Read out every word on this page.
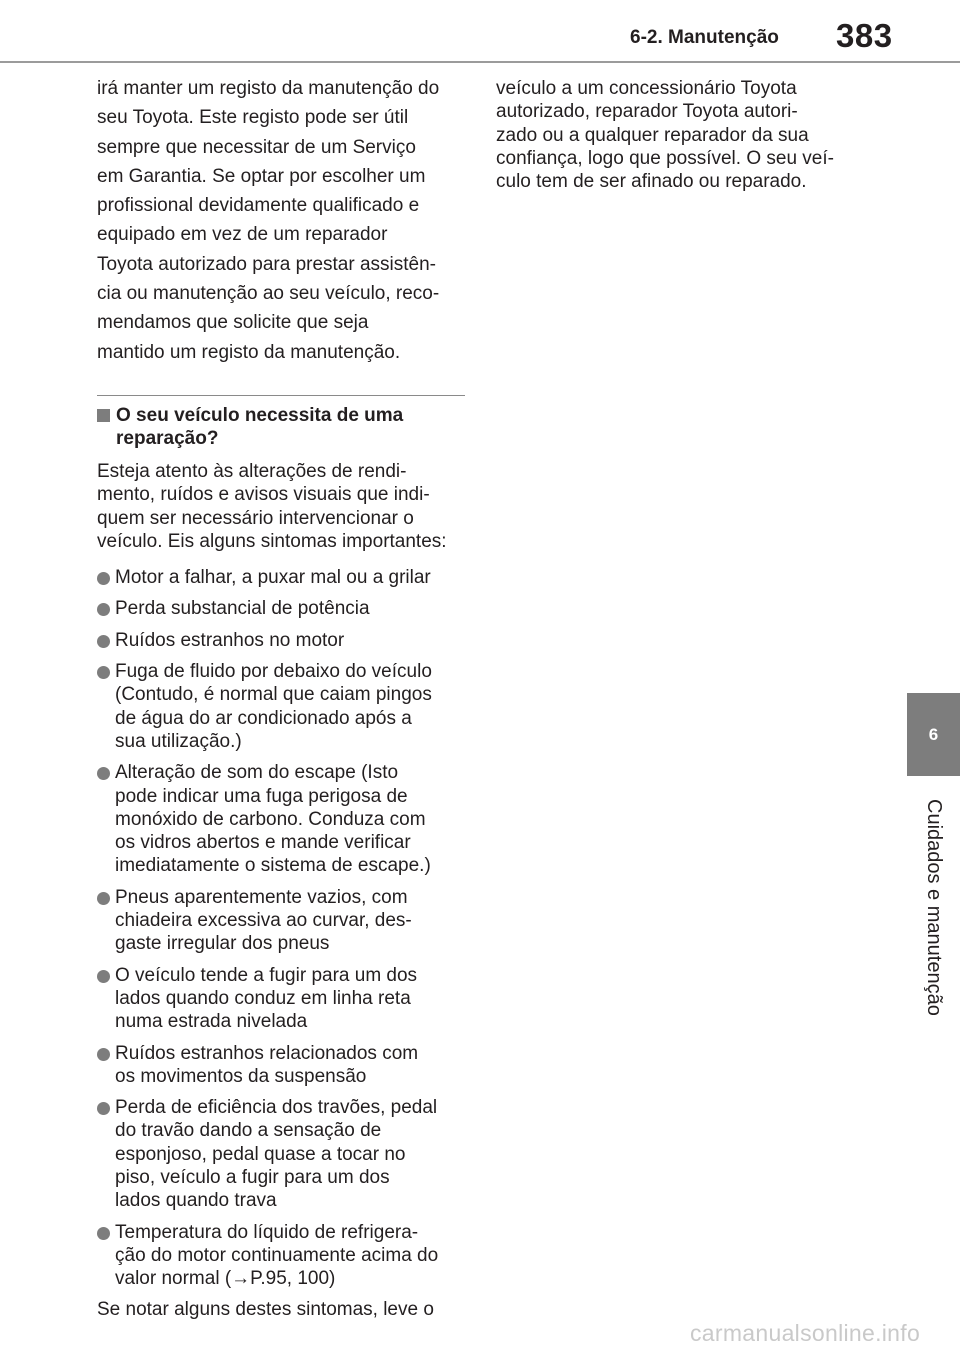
6-2. Manutenção 383
6
Cuidados e manutenção

irá manter um registo da manutenção do

seu Toyota. Este registo pode ser útil

sempre que necessitar de um Serviço

em Garantia. Se optar por escolher um

profissional devidamente qualificado e

equipado em vez de um reparador

Toyota autorizado para prestar assistên-

cia ou manutenção ao seu veículo, reco-

mendamos que solicite que seja

mantido um registo da manutenção.

O seu veículo necessita de uma
reparação?

Esteja atento às alterações de rendi-

mento, ruídos e avisos visuais que indi-

quem ser necessário intervencionar o

veículo. Eis alguns sintomas importantes:

Motor a falhar, a puxar mal ou a grilar
Perda substancial de potência
Ruídos estranhos no motor
Fuga de fluido por debaixo do veículo
(Contudo, é normal que caiam pingos
de água do ar condicionado após a
sua utilização.)
Alteração de som do escape (Isto
pode indicar uma fuga perigosa de
monóxido de carbono. Conduza com
os vidros abertos e mande verificar
imediatamente o sistema de escape.)
Pneus aparentemente vazios, com
chiadeira excessiva ao curvar, des-
gaste irregular dos pneus
O veículo tende a fugir para um dos
lados quando conduz em linha reta
numa estrada nivelada
Ruídos estranhos relacionados com
os movimentos da suspensão
Perda de eficiência dos travões, pedal
do travão dando a sensação de
esponjoso, pedal quase a tocar no
piso, veículo a fugir para um dos
lados quando trava
Temperatura do líquido de refrigera-
ção do motor continuamente acima do
valor normal (→P.95, 100)
Se notar alguns destes sintomas, leve o

veículo a um concessionário Toyota

autorizado, reparador Toyota autori-

zado ou a qualquer reparador da sua

confiança, logo que possível. O seu veí-

culo tem de ser afinado ou reparado.

carmanualsonline.info
